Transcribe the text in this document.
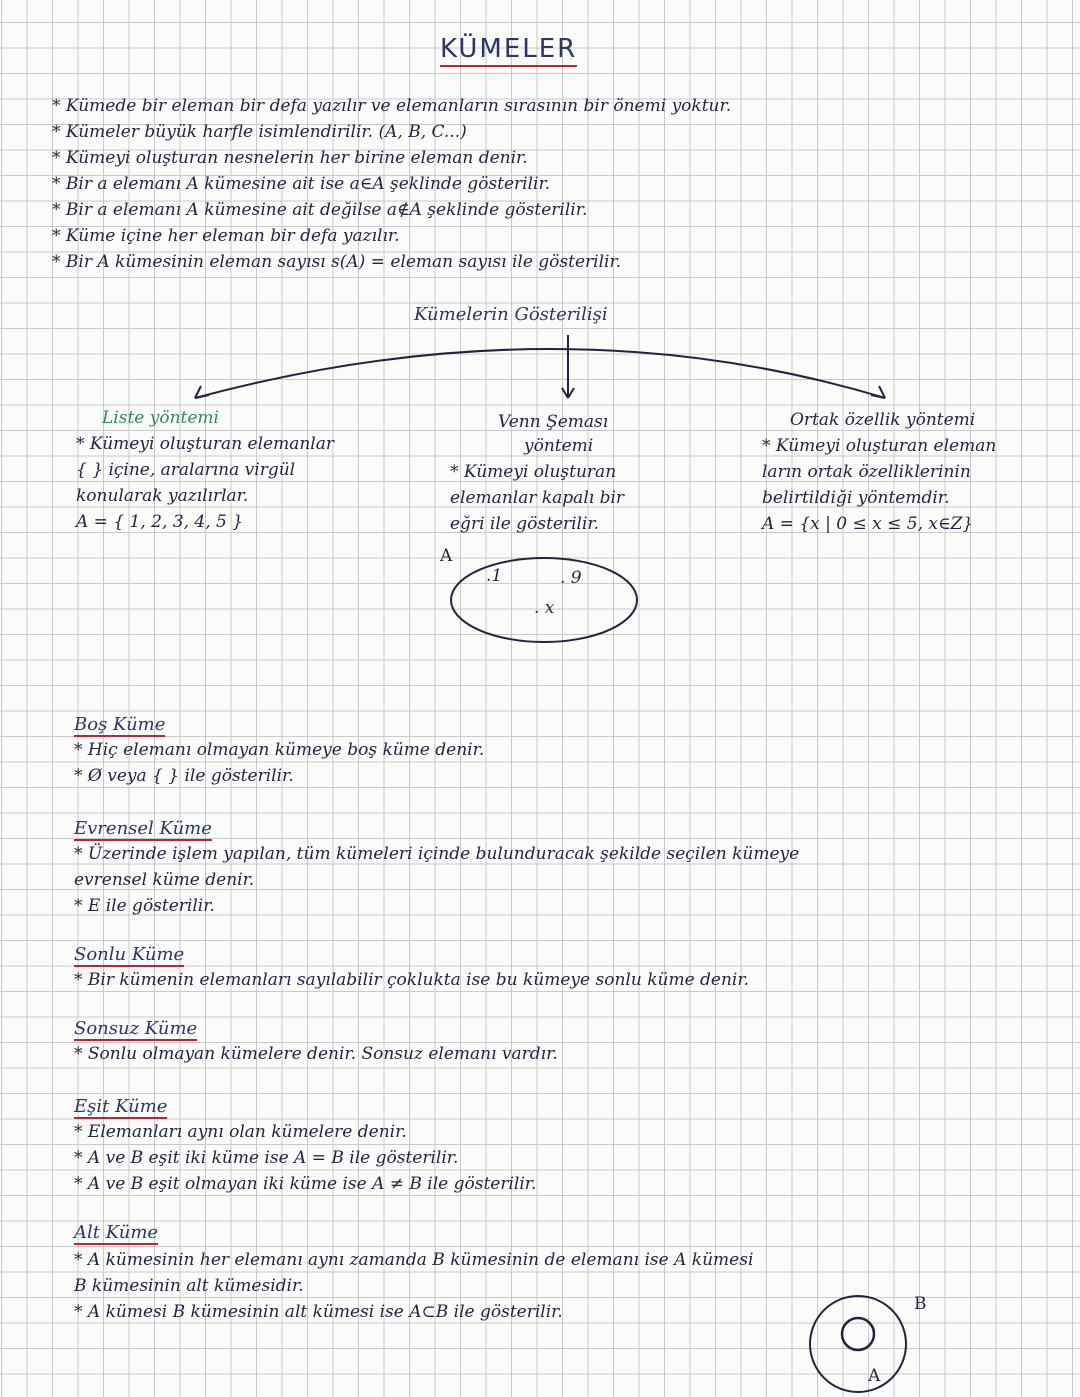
KÜMELER
* Kümede bir eleman bir defa yazılır ve elemanların sırasının bir önemi yoktur.
* Kümeler büyük harfle isimlendirilir. (A, B, C...)
* Kümeyi oluşturan nesnelerin her birine eleman denir.
* Bir a elemanı A kümesine ait ise a∈A şeklinde gösterilir.
* Bir a elemanı A kümesine ait değilse a∉A şeklinde gösterilir.
* Küme içine her eleman bir defa yazılır.
* Bir A kümesinin eleman sayısı s(A) = eleman sayısı ile gösterilir.
Kümelerin Gösterilişi
Liste yöntemi
* Kümeyi oluşturan elemanlar
{ } içine, aralarına virgül
konularak yazılırlar.
A = { 1, 2, 3, 4, 5 }
Venn Şeması
yöntemi
* Kümeyi oluşturan
elemanlar kapalı bir
eğri ile gösterilir.
A
.1	. 9
. x
Ortak özellik yöntemi
* Kümeyi oluşturan eleman
ların ortak özelliklerinin
belirtildiği yöntemdir.
A = {x | 0 ≤ x ≤ 5, x∈Z}
Boş Küme
* Hiç elemanı olmayan kümeye boş küme denir.
* Ø veya { } ile gösterilir.
Evrensel Küme
* Üzerinde işlem yapılan, tüm kümeleri içinde bulunduracak şekilde seçilen kümeye
evrensel küme denir.
* E ile gösterilir.
Sonlu Küme
* Bir kümenin elemanları sayılabilir çoklukta ise bu kümeye sonlu küme denir.
Sonsuz Küme
* Sonlu olmayan kümelere denir. Sonsuz elemanı vardır.
Eşit Küme
* Elemanları aynı olan kümelere denir.
* A ve B eşit iki küme ise A = B ile gösterilir.
* A ve B eşit olmayan iki küme ise A ≠ B ile gösterilir.
Alt Küme
* A kümesinin her elemanı aynı zamanda B kümesinin de elemanı ise A kümesi
B kümesinin alt kümesidir.
* A kümesi B kümesinin alt kümesi ise A⊂B ile gösterilir.	B
A
